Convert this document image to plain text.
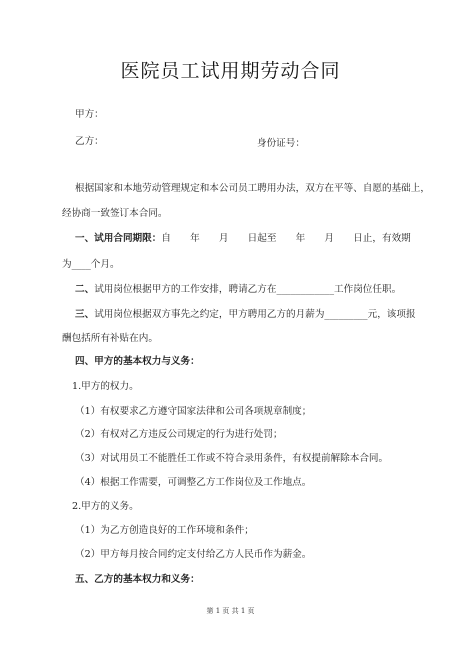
医院员工试用期劳动合同
甲方：
乙方：	身份证号：
根据国家和本地劳动管理规定和本公司员工聘用办法，双方在平等、自愿的基础上，
经协商一致签订本合同。
一、试用合同期限：自　　年　　月　　日起至　　年　　月　　日止，有效期
为____个月。
二、试用岗位根据甲方的工作安排，聘请乙方在____________工作岗位任职。
三、试用岗位根据双方事先之约定，甲方聘用乙方的月薪为_________元，该项报
酬包括所有补贴在内。
四、甲方的基本权力与义务：
1.甲方的权力。
（1）有权要求乙方遵守国家法律和公司各项规章制度；
（2）有权对乙方违反公司规定的行为进行处罚；
（3）对试用员工不能胜任工作或不符合录用条件，有权提前解除本合同。
（4）根据工作需要，可调整乙方工作岗位及工作地点。
2.甲方的义务。
（1）为乙方创造良好的工作环境和条件；
（2）甲方每月按合同约定支付给乙方人民币作为薪金。
五、乙方的基本权力和义务：
第 1 页 共 1 页
